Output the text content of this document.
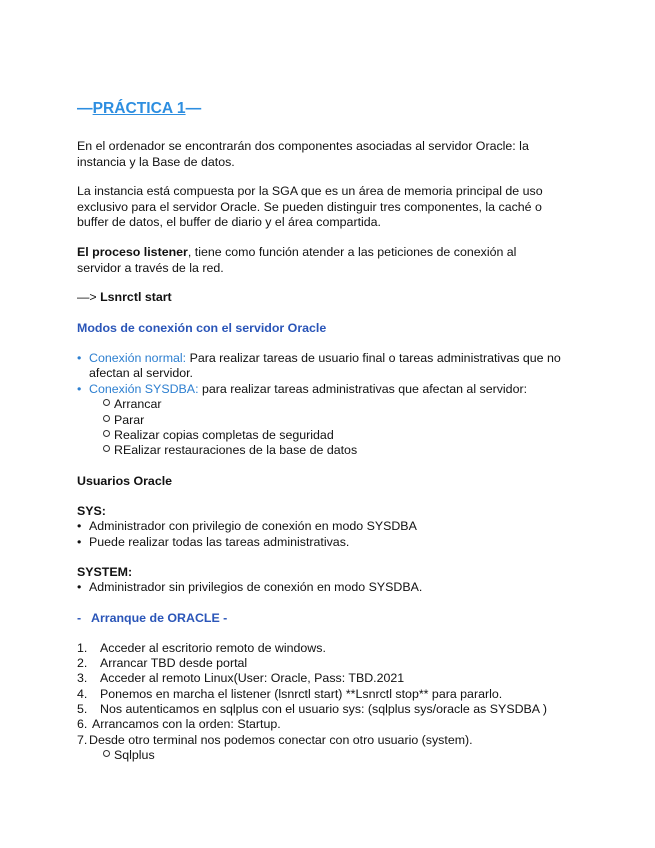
—PRÁCTICA 1—
En el ordenador se encontrarán dos componentes asociadas al servidor Oracle: la
instancia y la Base de datos.
La instancia está compuesta por la SGA que es un área de memoria principal de uso
exclusivo para el servidor Oracle. Se pueden distinguir tres componentes, la caché o
buffer de datos, el buffer de diario y el área compartida.
El proceso listener, tiene como función atender a las peticiones de conexión al
servidor a través de la red.
—> Lsnrctl start
Modos de conexión con el servidor Oracle
• Conexión normal: Para realizar tareas de usuario final o tareas administrativas que no
afectan al servidor.
• Conexión SYSDBA: para realizar tareas administrativas que afectan al servidor:
Arrancar
Parar
Realizar copias completas de seguridad
REalizar restauraciones de la base de datos
Usuarios Oracle
SYS:
• Administrador con privilegio de conexión en modo SYSDBA
• Puede realizar todas las tareas administrativas.
SYSTEM:
• Administrador sin privilegios de conexión en modo SYSDBA.
-   Arranque de ORACLE -
1. Acceder al escritorio remoto de windows.
2. Arrancar TBD desde portal
3. Acceder al remoto Linux(User: Oracle, Pass: TBD.2021
4. Ponemos en marcha el listener (lsnrctl start) **Lsnrctl stop** para pararlo.
5. Nos autenticamos en sqlplus con el usuario sys: (sqlplus sys/oracle as SYSDBA )
6. Arrancamos con la orden: Startup.
7. Desde otro terminal nos podemos conectar con otro usuario (system).
Sqlplus
